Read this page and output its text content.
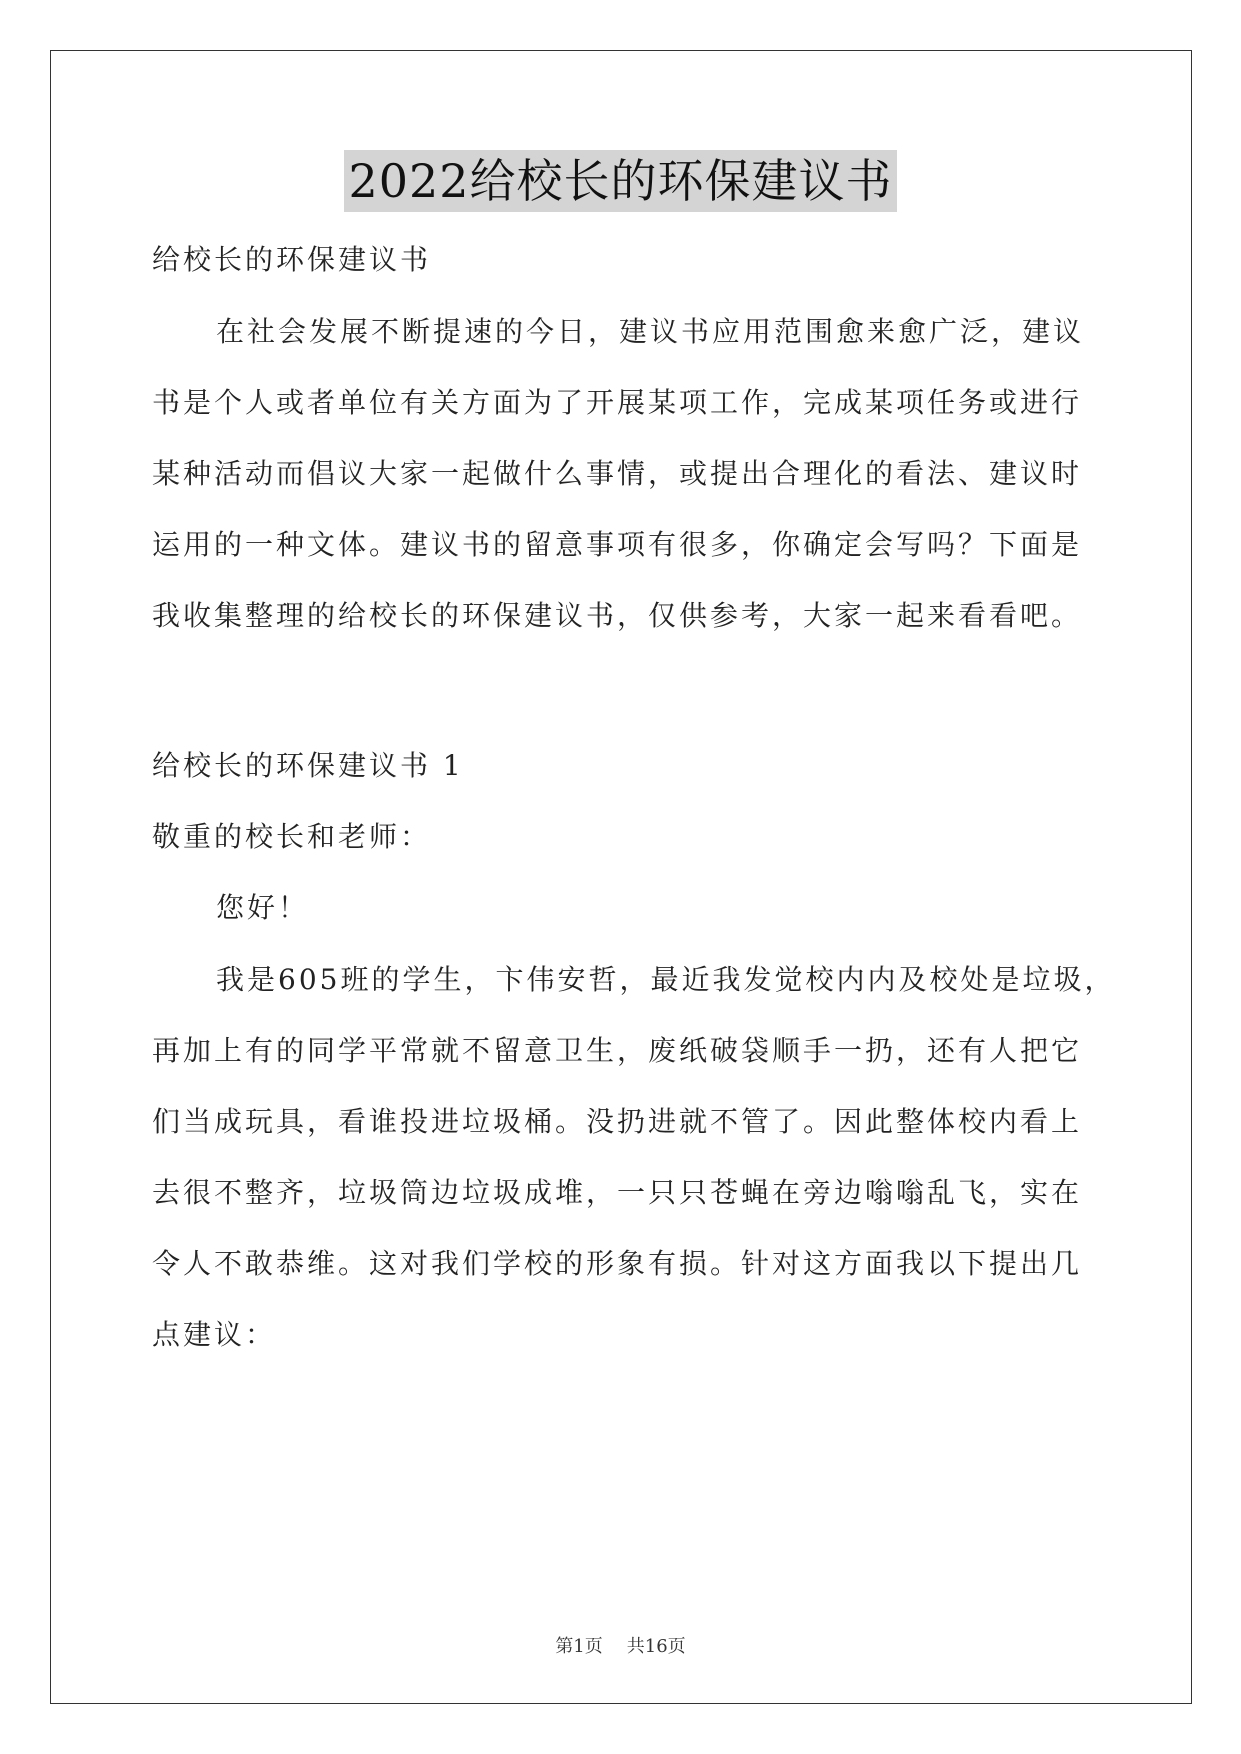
2022给校长的环保建议书
给校长的环保建议书
在社会发展不断提速的今日，建议书应用范围愈来愈广泛，建议
书是个人或者单位有关方面为了开展某项工作，完成某项任务或进行
某种活动而倡议大家一起做什么事情，或提出合理化的看法、建议时
运用的一种文体。建议书的留意事项有很多，你确定会写吗？下面是
我收集整理的给校长的环保建议书，仅供参考，大家一起来看看吧。
给校长的环保建议书 1
敬重的校长和老师：
您好！
我是605班的学生，卞伟安哲，最近我发觉校内内及校处是垃圾，
再加上有的同学平常就不留意卫生，废纸破袋顺手一扔，还有人把它
们当成玩具，看谁投进垃圾桶。没扔进就不管了。因此整体校内看上
去很不整齐，垃圾筒边垃圾成堆，一只只苍蝇在旁边嗡嗡乱飞，实在
令人不敢恭维。这对我们学校的形象有损。针对这方面我以下提出几
点建议：
第1页 共16页
